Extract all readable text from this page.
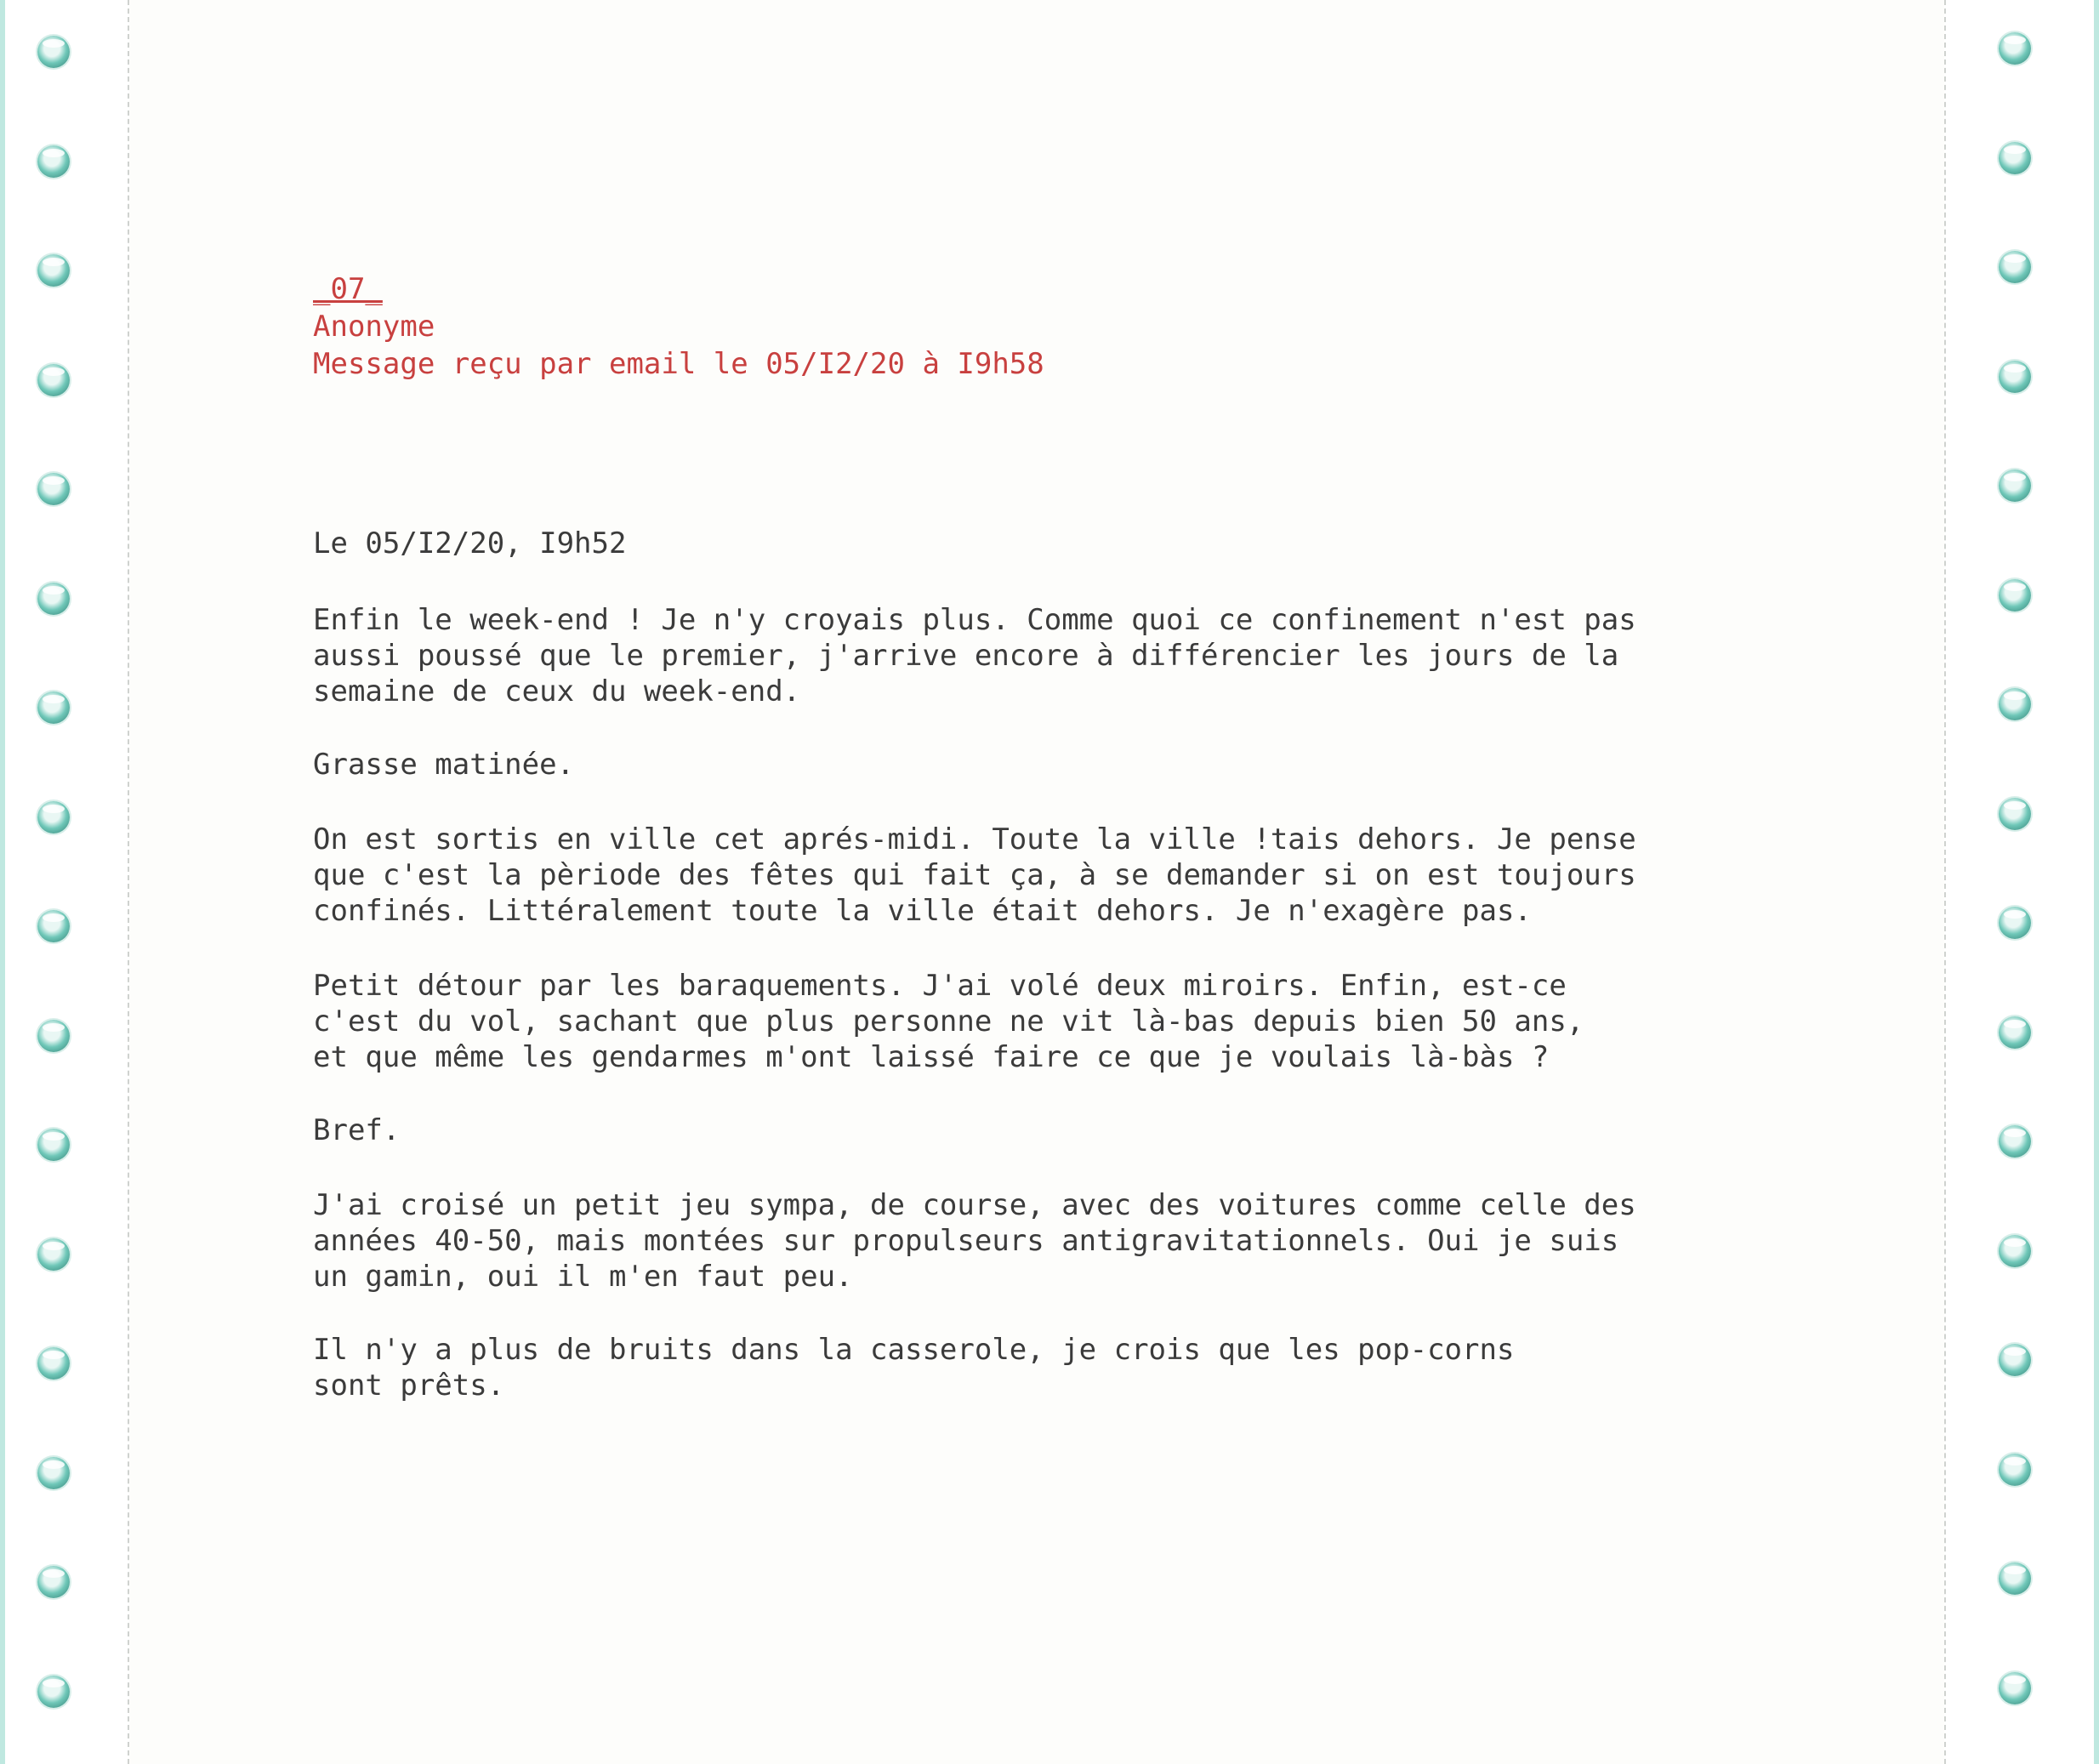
_07_
Anonyme
Message reçu par email le 05/I2/20 à I9h58
Le 05/I2/20, I9h52
Enfin le week-end ! Je n'y croyais plus. Comme quoi ce confinement n'est pas
aussi poussé que le premier, j'arrive encore à différencier les jours de la
semaine de ceux du week-end.
Grasse matinée.
On est sortis en ville cet aprés-midi. Toute la ville !tais dehors. Je pense
que c'est la pèriode des fêtes qui fait ça, à se demander si on est toujours
confinés. Littéralement toute la ville était dehors. Je n'exagère pas.
Petit détour par les baraquements. J'ai volé deux miroirs. Enfin, est-ce
c'est du vol, sachant que plus personne ne vit là-bas depuis bien 50 ans,
et que même les gendarmes m'ont laissé faire ce que je voulais là-bàs ?
Bref.
J'ai croisé un petit jeu sympa, de course, avec des voitures comme celle des
années 40-50, mais montées sur propulseurs antigravitationnels. Oui je suis
un gamin, oui il m'en faut peu.
Il n'y a plus de bruits dans la casserole, je crois que les pop-corns
sont prêts.
